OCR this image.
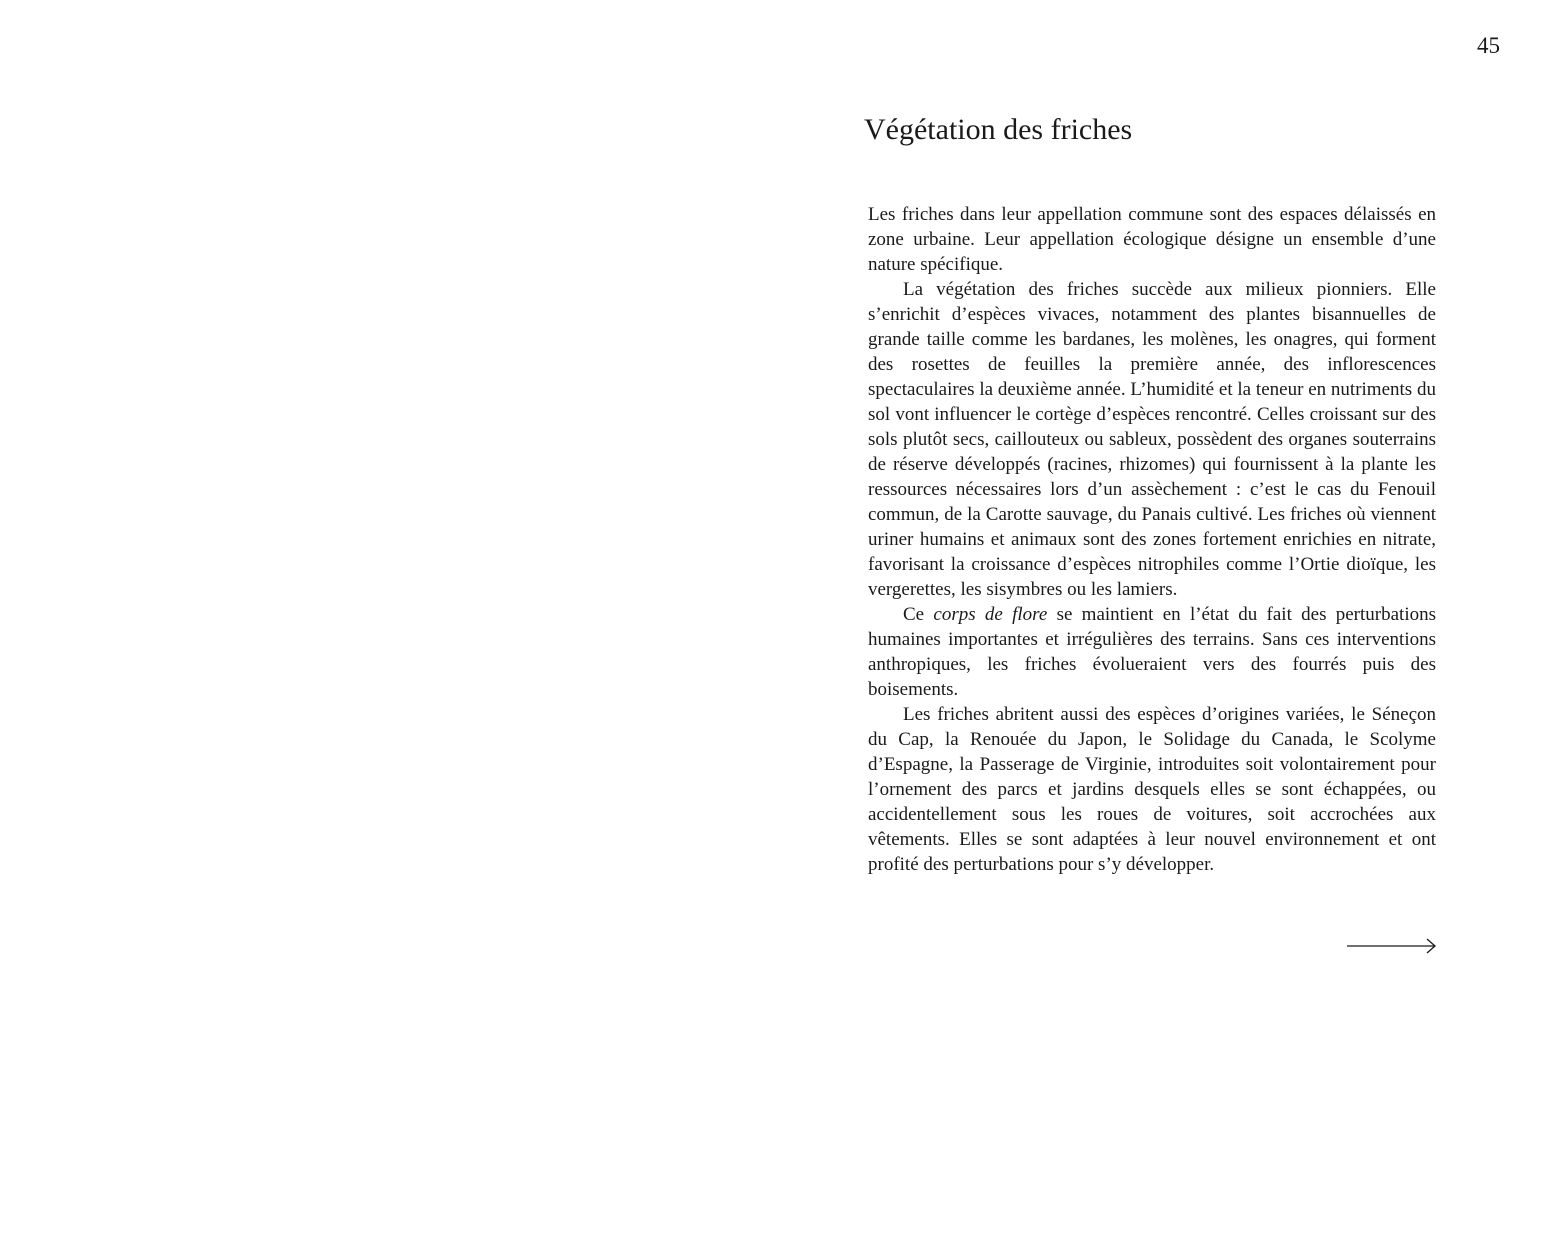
45
Végétation des friches

Les friches dans leur appellation commune sont des espaces délaissés en zone urbaine. Leur appellation écologique désigne un ensemble d’une nature spécifique.

La végétation des friches succède aux milieux pionniers. Elle s’enrichit d’espèces vivaces, notamment des plantes bisannuelles de grande taille comme les bardanes, les molènes, les onagres, qui forment des rosettes de feuilles la première année, des inflorescences spectaculaires la deuxième année. L’humidité et la teneur en nutriments du sol vont influencer le cortège d’espèces rencontré. Celles croissant sur des sols plutôt secs, caillouteux ou sableux, possèdent des organes souterrains de réserve développés (racines, rhizomes) qui fournissent à la plante les ressources nécessaires lors d’un assèchement : c’est le cas du Fenouil commun, de la Carotte sauvage, du Panais cultivé. Les friches où viennent uriner humains et animaux sont des zones fortement enrichies en nitrate, favorisant la croissance d’espèces nitrophiles comme l’Ortie dioïque, les vergerettes, les sisymbres ou les lamiers.

Ce corps de flore se maintient en l’état du fait des perturbations humaines importantes et irrégulières des terrains. Sans ces interventions anthropiques, les friches évolueraient vers des fourrés puis des boisements.

Les friches abritent aussi des espèces d’origines variées, le Séneçon du Cap, la Renouée du Japon, le Solidage du Canada, le Scolyme d’Espagne, la Passerage de Virginie, introduites soit volontairement pour l’ornement des parcs et jardins desquels elles se sont échappées, ou accidentellement sous les roues de voitures, soit accrochées aux vêtements. Elles se sont adaptées à leur nouvel environnement et ont profité des perturbations pour s’y développer.
